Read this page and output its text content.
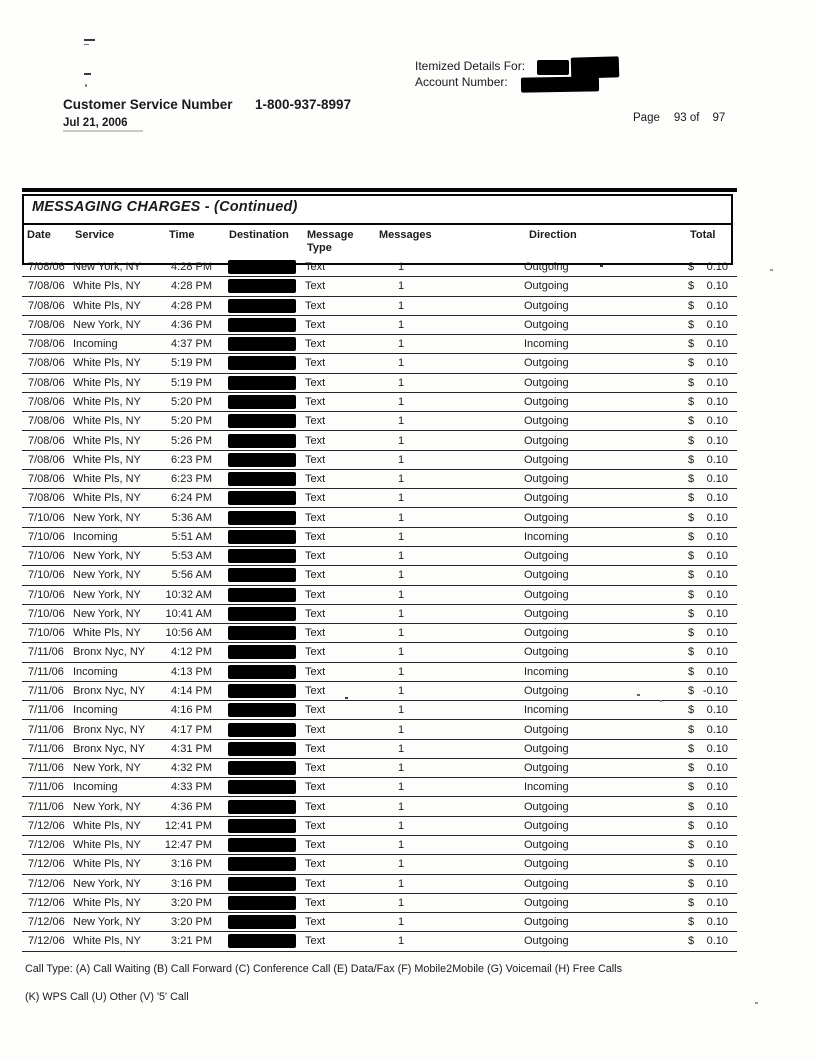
Itemized Details For:
Account Number:
Customer Service Number 1-800-937-8997
Jul 21, 2006	Page 93 of 97
MESSAGING CHARGES - (Continued)
Date	Service	Time	Destination	Message
Type
Messages	Direction	Total
7/08/06 New York, NY	4:28 PM	Text	1	Outgoing	$ 0.10
7/08/06 White Pls, NY	4:28 PM	Text	1	Outgoing	$ 0.10
7/08/06 White Pls, NY	4:28 PM	Text	1	Outgoing	$ 0.10
7/08/06 New York, NY	4:36 PM	Text	1	Outgoing	$ 0.10
7/08/06 Incoming	4:37 PM	Text	1	Incoming	$ 0.10
7/08/06 White Pls, NY	5:19 PM	Text	1	Outgoing	$ 0.10
7/08/06 White Pls, NY	5:19 PM	Text	1	Outgoing	$ 0.10
7/08/06 White Pls, NY	5:20 PM	Text	1	Outgoing	$ 0.10
7/08/06 White Pls, NY	5:20 PM	Text	1	Outgoing	$ 0.10
7/08/06 White Pls, NY	5:26 PM	Text	1	Outgoing	$ 0.10
7/08/06 White Pls, NY	6:23 PM	Text	1	Outgoing	$ 0.10
7/08/06 White Pls, NY	6:23 PM	Text	1	Outgoing	$ 0.10
7/08/06 White Pls, NY	6:24 PM	Text	1	Outgoing	$ 0.10
7/10/06 New York, NY	5:36 AM	Text	1	Outgoing	$ 0.10
7/10/06 Incoming	5:51 AM	Text	1	Incoming	$ 0.10
7/10/06 New York, NY	5:53 AM	Text	1	Outgoing	$ 0.10
7/10/06 New York, NY	5:56 AM	Text	1	Outgoing	$ 0.10
7/10/06 New York, NY	10:32 AM	Text	1	Outgoing	$ 0.10
7/10/06 New York, NY	10:41 AM	Text	1	Outgoing	$ 0.10
7/10/06 White Pls, NY	10:56 AM	Text	1	Outgoing	$ 0.10
7/11/06 Bronx Nyc, NY	4:12 PM	Text	1	Outgoing	$ 0.10
7/11/06 Incoming	4:13 PM	Text	1	Incoming	$ 0.10
7/11/06 Bronx Nyc, NY	4:14 PM	Text	1	Outgoing	$ -0.10
7/11/06 Incoming	4:16 PM	Text	1	Incoming	$ 0.10
7/11/06 Bronx Nyc, NY	4:17 PM	Text	1	Outgoing	$ 0.10
7/11/06 Bronx Nyc, NY	4:31 PM	Text	1	Outgoing	$ 0.10
7/11/06 New York, NY	4:32 PM	Text	1	Outgoing	$ 0.10
7/11/06 Incoming	4:33 PM	Text	1	Incoming	$ 0.10
7/11/06 New York, NY	4:36 PM	Text	1	Outgoing	$ 0.10
7/12/06 White Pls, NY	12:41 PM	Text	1	Outgoing	$ 0.10
7/12/06 White Pls, NY	12:47 PM	Text	1	Outgoing	$ 0.10
7/12/06 White Pls, NY	3:16 PM	Text	1	Outgoing	$ 0.10
7/12/06 New York, NY	3:16 PM	Text	1	Outgoing	$ 0.10
7/12/06 White Pls, NY	3:20 PM	Text	1	Outgoing	$ 0.10
7/12/06 New York, NY	3:20 PM	Text	1	Outgoing	$ 0.10
7/12/06 White Pls, NY	3:21 PM	Text	1	Outgoing	$ 0.10
Call Type: (A) Call Waiting (B) Call Forward (C) Conference Call (E) Data/Fax (F) Mobile2Mobile (G) Voicemail (H) Free Calls
(K) WPS Call (U) Other (V) '5' Call
